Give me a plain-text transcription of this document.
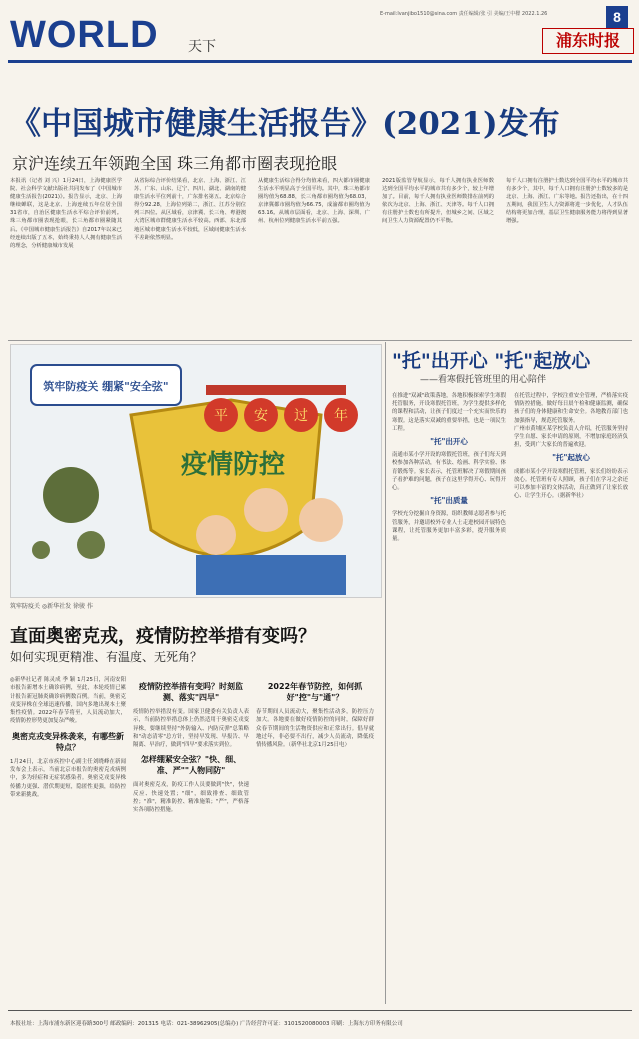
WORLD 天下
E-mail:lvanjibo1510@sina.com 责任编辑/张 引 美编/王中樑 2022.1.26	8
浦东时报
《中国城市健康生活报告》(2021)发布
京沪连续五年领跑全国 珠三角都市圈表现抢眼
本报讯（记者 刘 兴）1月24日，上海健康医学院、社会科学文献出版社共同发布了《中国城市健康生活报告(2021)》。报告显示，北京、上海继续蝉联，这是北京、上海连续五年位居全国31省市，自治区健康生活水平综合评价前列。珠三角都市圈表现抢眼，长三角都市圈紧随其后。《中国城市健康生活报告》自2017年以来已经连续出版了五本，始终秉持人人拥有健康生活的理念，分析健康城市发展
从省际综合评价结果看，北京、上海、浙江、江苏、广东、山东、辽宁、四川、湖北、湖南的健康生活水平位列前十，广东排名第五。北京综合得分92.28，上海位列第二，浙江、江苏分别位列三四位。从区域看，京津冀、长三角、粤港澳大湾区城市群健康生活水平较高。西部、东北部地区城市健康生活水平较低，区域间健康生活水平差距依然明显。
从健康生活综合得分均值来看，四大都市圈健康生活水平明显高于全国平均。其中，珠三角都市圈均值为68.88，长三角都市圈均值为68.03，京津冀都市圈均值为66.75，成渝都市圈均值为63.16。从城市层面看，北京、上海、深圳、广州、杭州位列健康生活水平前五强。
2021版监管导航显示，每千人拥有执业医师数达到全国平均水平的城市共有多少个，较上年增加了。目前，每千人拥有执业医师数排在前列的依次为北京、上海、浙江、天津等。每千人口拥有注册护士数也有所提升，但城乡之间、区域之间卫生人力资源配置仍不平衡。
每千人口拥有注册护士数达到全国平均水平的城市共有多少个，其中，每千人口拥有注册护士数较多的是北京、上海、浙江、广东等地。报告还指出，在十四五期间，我国卫生人力资源将进一步优化，人才队伍结构将更加合理，基层卫生健康服务能力将得到显著增强。
平 安 过 年
疫情防控
筑牢防疫关 绷紧"安全弦"
筑牢防疫关 ◎新华社发 徐骏 作
直面奥密克戎，疫情防控举措有变吗？
如何实现更精准、有温度、无死角？
◎新华社记者 陈灵成 季 颖 1月25日，河南安阳市报告新增本土确诊病例，至此，本轮疫情已累计报告新冠肺炎确诊病例数百例。当前，奥密克戎变异株在全球迅速传播，国内多地出现本土聚集性疫情。2022年春节将至，人员流动加大，疫情防控形势更加复杂严峻。
奥密克戎变异株袭来，有哪些新特点？
1月24日，北京市疾控中心副主任刘晓峰在新闻发布会上表示，当前北京市报告的奥密克戎病例中，多为轻症和无症状感染者。奥密克戎变异株传播力更强、潜伏期更短，隐匿性更强，给防控带来新挑战。
疫情防控举措有变吗？时刻监测、落实"四早"
疫情防控举措没有变。国家卫健委有关负责人表示，当前防控举措总体上仍然适用于奥密克戎变异株，要继续坚持"外防输入、内防反弹"总策略和"动态清零"总方针，坚持早发现、早报告、早隔离、早治疗，做到"四早"要求落实到位。
怎样绷紧安全弦？"快、细、准、严""人物同防"
面对奥密克戎，防疫工作人员要做到"快"，快速反应、快速处置；"细"，细致排查、细致管控；"准"，精准防控、精准施策；"严"，严格落实各项防控措施。
2022年春节防控，如何抓好"控"与"通"？
春节期间人员流动大，聚集性活动多，防控压力加大。各地要在做好疫情防控的同时，保障好群众春节期间的生活物资供应和正常出行。倡导就地过年，非必要不出行，减少人员流动，降低疫情传播风险。（新华社北京1月25日电）
"托"出开心 "托"起放心
——看寒假托管班里的用心陪伴
在推进"双减"政策落地，各地积极探索学生寒假托管服务，开设寒假托管班，为学生提供多样化的课程和活动，让孩子们度过一个充实而快乐的寒假。这是落实双减的重要举措，也是一项民生工程。
"托"出开心
南通市某小学开设的寒假托管班，孩子们每天到校参加各种活动，有书法、绘画、科学实验、体育锻炼等。家长表示，托管班解决了寒假期间孩子看护难的问题，孩子在这里学得开心、玩得开心。
"托"出质量
学校充分挖掘自身资源，组织教师志愿者参与托管服务，并邀请校外专业人士走进校园开展特色课程，让托管服务更加丰富多彩，提升服务质量。
在托管过程中，学校注重安全管理，严格落实疫情防控措施，做好每日晨午检和健康监测，确保孩子们的身体健康和生命安全。各地教育部门也加强指导，规范托管服务。
广州市黄埔区某学校负责人介绍，托管服务坚持学生自愿、家长申请的原则，不增加家庭经济负担，受到广大家长的普遍欢迎。
"托"起放心
成都市某小学开设寒假托管班，家长们纷纷表示放心。托管班有专人照顾，孩子们在学习之余还可以参加丰富的文体活动，真正做到了让家长放心、让学生开心。（据新华社）
本报社址：上海市浦东新区迎春路300号 邮政编码：201315 电话：021-38962905(总编办) 广告经营许可证：3101520080003 印刷：上海东方印务有限公司
